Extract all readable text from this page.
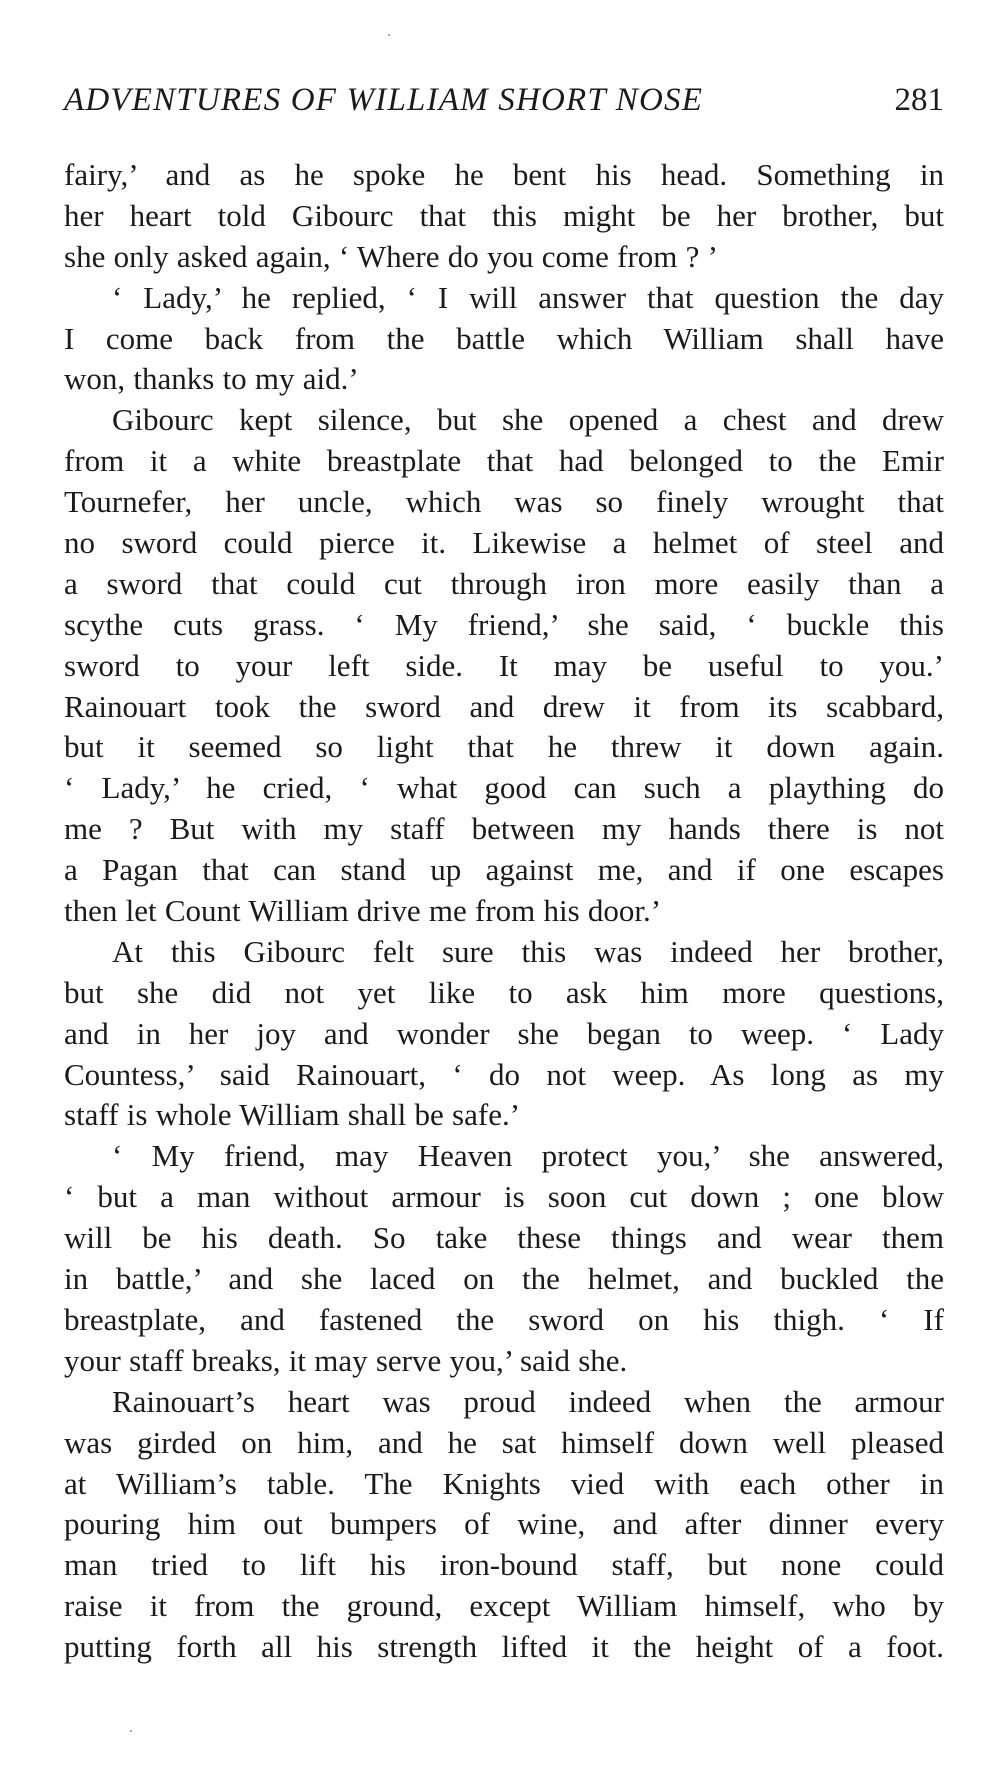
ADVENTURES OF WILLIAM SHORT NOSE	281
fairy,’ and as he spoke he bent his head. Something in
her heart told Gibourc that this might be her brother, but
she only asked again, ‘ Where do you come from ? ’
‘ Lady,’ he replied, ‘ I will answer that question the day
I come back from the battle which William shall have
won, thanks to my aid.’
Gibourc kept silence, but she opened a chest and drew
from it a white breastplate that had belonged to the Emir
Tournefer, her uncle, which was so finely wrought that
no sword could pierce it. Likewise a helmet of steel and
a sword that could cut through iron more easily than a
scythe cuts grass. ‘ My friend,’ she said, ‘ buckle this
sword to your left side. It may be useful to you.’
Rainouart took the sword and drew it from its scabbard,
but it seemed so light that he threw it down again.
‘ Lady,’ he cried, ‘ what good can such a plaything do
me ? But with my staff between my hands there is not
a Pagan that can stand up against me, and if one escapes
then let Count William drive me from his door.’
At this Gibourc felt sure this was indeed her brother,
but she did not yet like to ask him more questions,
and in her joy and wonder she began to weep. ‘ Lady
Countess,’ said Rainouart, ‘ do not weep. As long as my
staff is whole William shall be safe.’
‘ My friend, may Heaven protect you,’ she answered,
‘ but a man without armour is soon cut down ; one blow
will be his death. So take these things and wear them
in battle,’ and she laced on the helmet, and buckled the
breastplate, and fastened the sword on his thigh. ‘ If
your staff breaks, it may serve you,’ said she.
Rainouart’s heart was proud indeed when the armour
was girded on him, and he sat himself down well pleased
at William’s table. The Knights vied with each other in
pouring him out bumpers of wine, and after dinner every
man tried to lift his iron-bound staff, but none could
raise it from the ground, except William himself, who by
putting forth all his strength lifted it the height of a foot.
